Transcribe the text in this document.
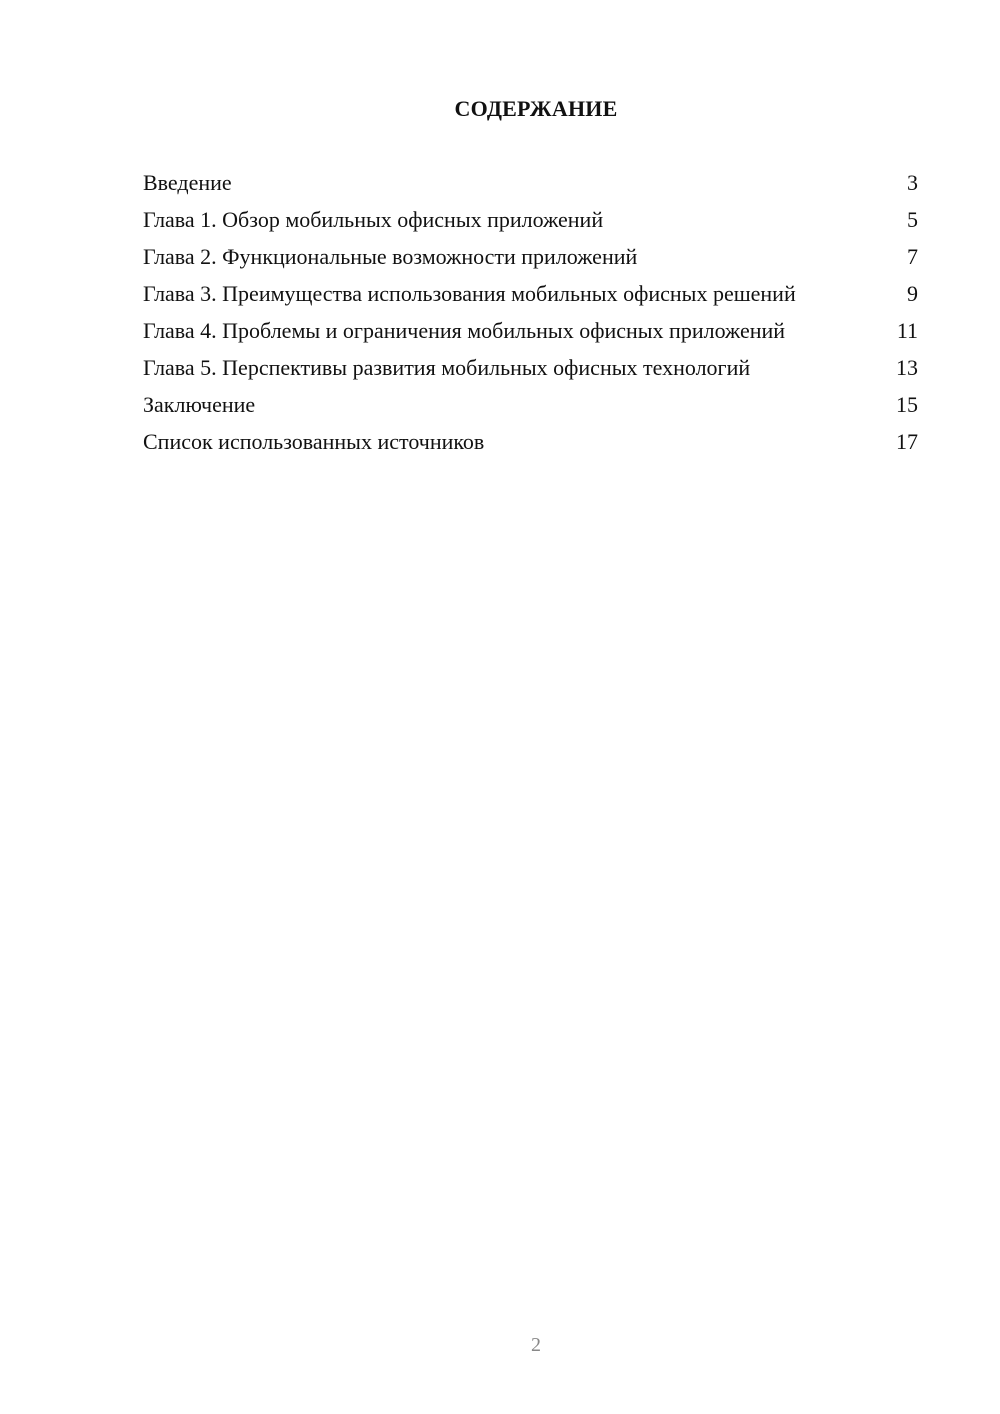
СОДЕРЖАНИЕ
Введение	3
Глава 1. Обзор мобильных офисных приложений	5
Глава 2. Функциональные возможности приложений	7
Глава 3. Преимущества использования мобильных офисных решений	9
Глава 4. Проблемы и ограничения мобильных офисных приложений	11
Глава 5. Перспективы развития мобильных офисных технологий	13
Заключение	15
Список использованных источников	17
2
